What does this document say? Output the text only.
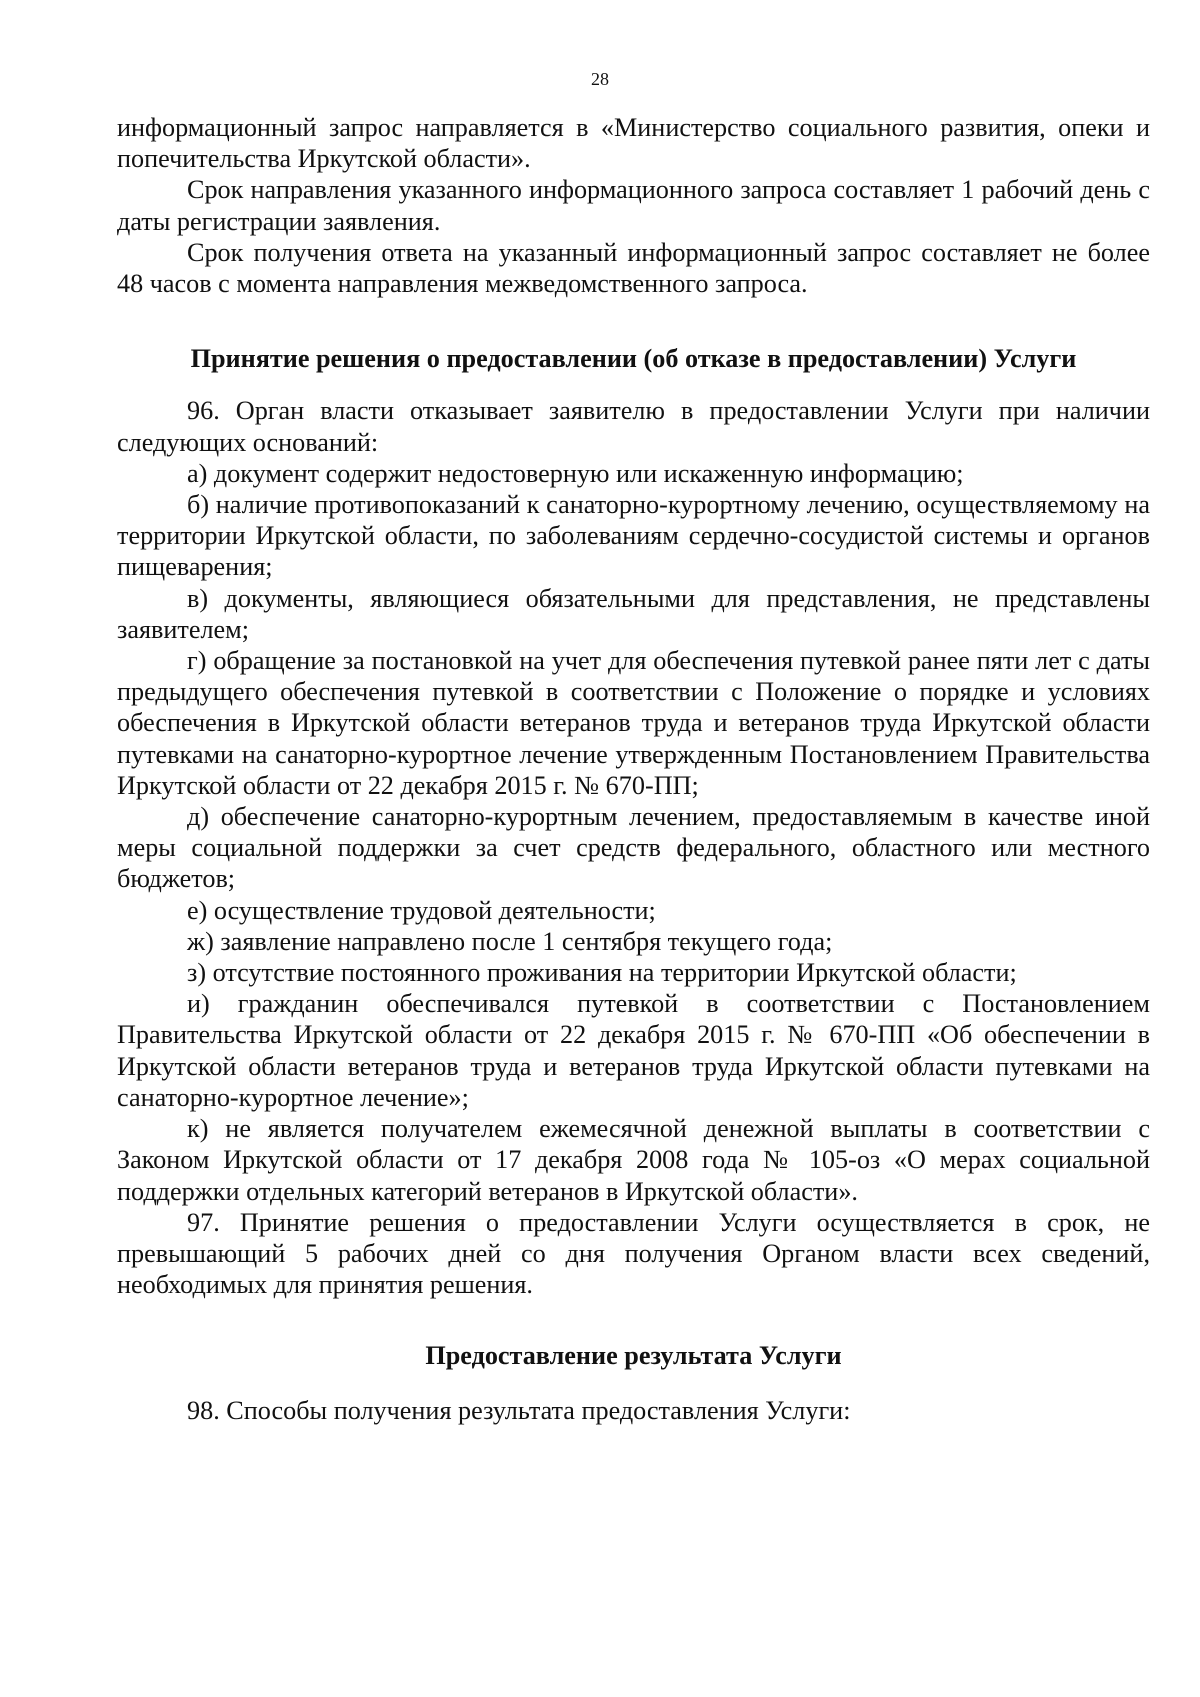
28

информационный запрос направляется в «Министерство социального развития, опеки и попечительства Иркутской области».

Срок направления указанного информационного запроса составляет 1 рабочий день с даты регистрации заявления.

Срок получения ответа на указанный информационный запрос составляет не более 48 часов с момента направления межведомственного запроса.

Принятие решения о предоставлении (об отказе в предоставлении) Услуги

96. Орган власти отказывает заявителю в предоставлении Услуги при наличии следующих оснований:

а) документ содержит недостоверную или искаженную информацию;

б) наличие противопоказаний к санаторно-курортному лечению, осуществляемому на территории Иркутской области, по заболеваниям сердечно-сосудистой системы и органов пищеварения;

в) документы, являющиеся обязательными для представления, не представлены заявителем;

г) обращение за постановкой на учет для обеспечения путевкой ранее пяти лет с даты предыдущего обеспечения путевкой в соответствии с Положение о порядке и условиях обеспечения в Иркутской области ветеранов труда и ветеранов труда Иркутской области путевками на санаторно-курортное лечение утвержденным Постановлением Правительства Иркутской области от 22 декабря 2015 г. № 670-ПП;

д) обеспечение санаторно-курортным лечением, предоставляемым в качестве иной меры социальной поддержки за счет средств федерального, областного или местного бюджетов;

е) осуществление трудовой деятельности;

ж) заявление направлено после 1 сентября текущего года;

з) отсутствие постоянного проживания на территории Иркутской области;

и) гражданин обеспечивался путевкой в соответствии с Постановлением Правительства Иркутской области от 22 декабря 2015 г. № 670-ПП «Об обеспечении в Иркутской области ветеранов труда и ветеранов труда Иркутской области путевками на санаторно-курортное лечение»;

к) не является получателем ежемесячной денежной выплаты в соответствии с Законом Иркутской области от 17 декабря 2008 года № 105-оз «О мерах социальной поддержки отдельных категорий ветеранов в Иркутской области».

97. Принятие решения о предоставлении Услуги осуществляется в срок, не превышающий 5 рабочих дней со дня получения Органом власти всех сведений, необходимых для принятия решения.

Предоставление результата Услуги

98. Способы получения результата предоставления Услуги:
